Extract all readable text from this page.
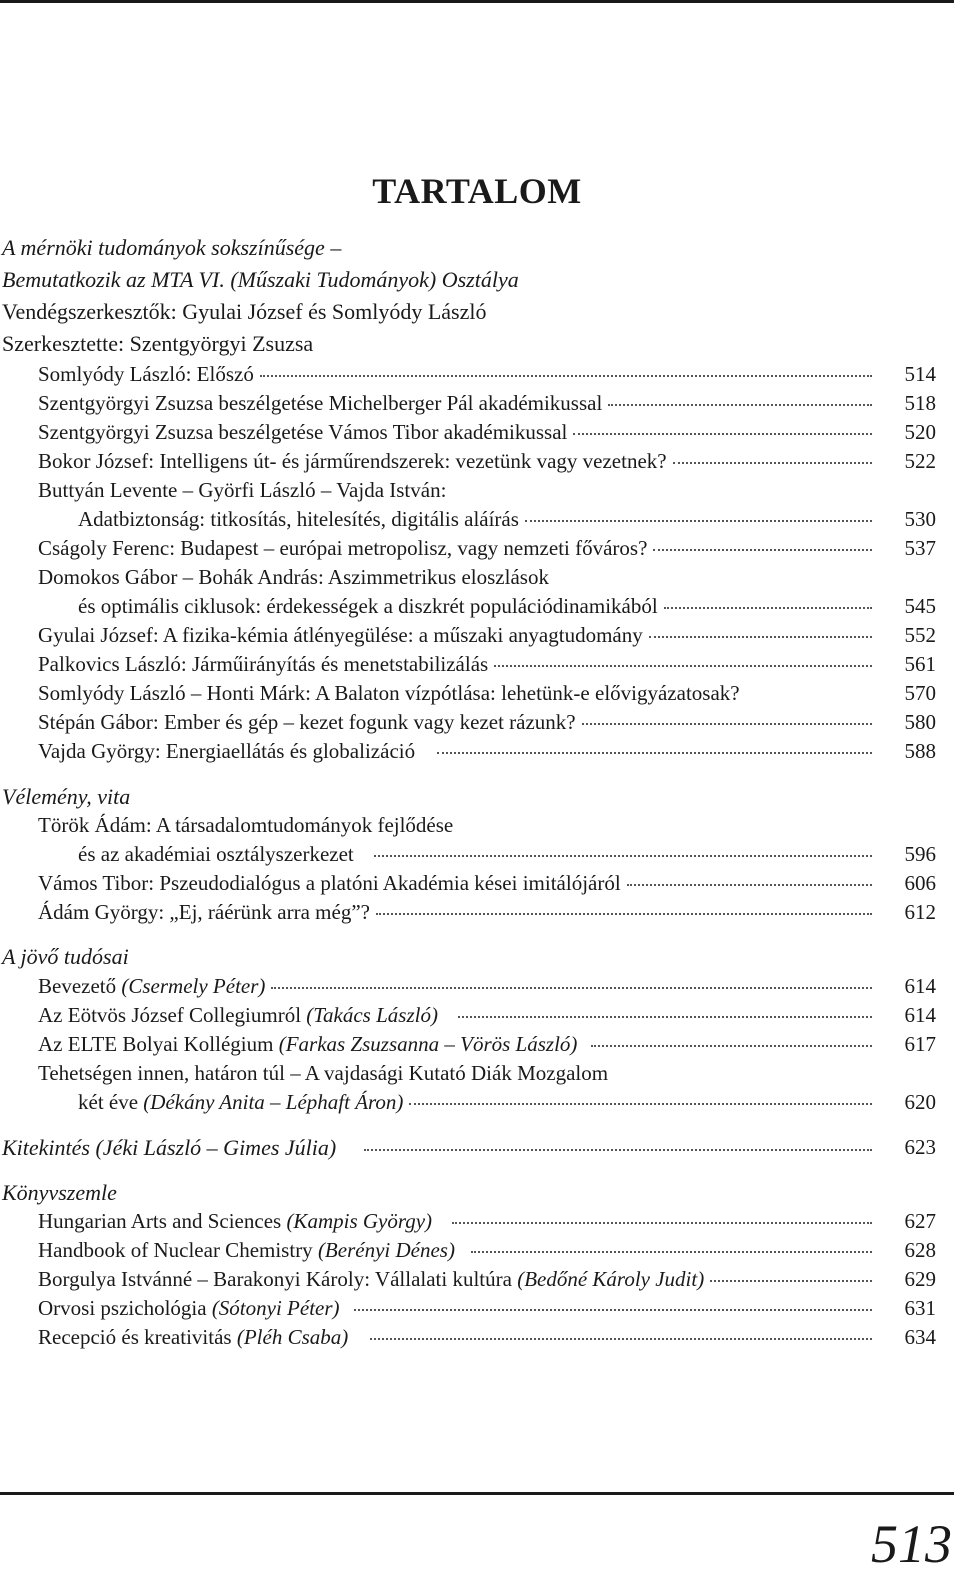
TARTALOM
A mérnöki tudományok sokszínűsége –
Bemutatkozik az MTA VI. (Műszaki Tudományok) Osztálya
Vendégszerkesztők: Gyulai József és Somlyódy László
Szerkesztette: Szentgyörgyi Zsuzsa
Somlyódy László: Előszó	514
Szentgyörgyi Zsuzsa beszélgetése Michelberger Pál akadémikussal	518
Szentgyörgyi Zsuzsa beszélgetése Vámos Tibor akadémikussal	520
Bokor József: Intelligens út- és járműrendszerek: vezetünk vagy vezetnek?	522
Buttyán Levente – Györfi László – Vajda István:
Adatbiztonság: titkosítás, hitelesítés, digitális aláírás	530
Cságoly Ferenc: Budapest – európai metropolisz, vagy nemzeti főváros?	537
Domokos Gábor – Bohák András: Aszimmetrikus eloszlások
és optimális ciklusok: érdekességek a diszkrét populációdinamikából	545
Gyulai József: A fizika-kémia átlényegülése: a műszaki anyagtudomány	552
Palkovics László: Járműirányítás és menetstabilizálás	561
Somlyódy László – Honti Márk: A Balaton vízpótlása: lehetünk-e elővigyázatosak?	570
Stépán Gábor: Ember és gép – kezet fogunk vagy kezet rázunk?	580
Vajda György: Energiaellátás és globalizáció	588
Vélemény, vita
Török Ádám: A társadalomtudományok fejlődése
és az akadémiai osztályszerkezet	596
Vámos Tibor: Pszeudodialógus a platóni Akadémia kései imitálójáról	606
Ádám György: „Ej, ráérünk arra még”?	612
A jövő tudósai
Bevezető (Csermely Péter)	614
Az Eötvös József Collegiumról (Takács László)	614
Az ELTE Bolyai Kollégium (Farkas Zsuzsanna – Vörös László)	617
Tehetségen innen, határon túl – A vajdasági Kutató Diák Mozgalom
két éve (Dékány Anita – Léphaft Áron)	620
Kitekintés (Jéki László – Gimes Júlia)	623
Könyvszemle
Hungarian Arts and Sciences (Kampis György)	627
Handbook of Nuclear Chemistry (Berényi Dénes)	628
Borgulya Istvánné – Barakonyi Károly: Vállalati kultúra (Bedőné Károly Judit)	629
Orvosi pszichológia (Sótonyi Péter)	631
Recepció és kreativitás (Pléh Csaba)	634
513
